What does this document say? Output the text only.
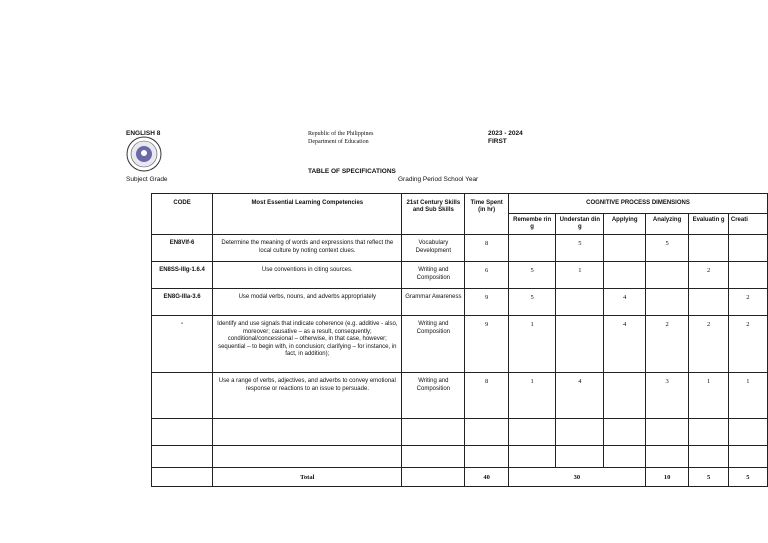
ENGLISH 8
Subject Grade
Republic of the Philippines
Department of Education
2023 - 2024
FIRST
TABLE OF SPECIFICATIONS
Grading Period School Year
CODE	Most Essential Learning Competencies	21st Century Skills and Sub Skills	Time Spent (in hr)	COGNITIVE PROCESS DIMENSIONS					
				Remembe rin g	Understan din g	Applying	Analyzing	Evaluatin g	Creati
EN8VIf-6	Determine the meaning of words and expressions that reflect the local culture by noting context clues.	Vocabulary Development	8		5		5		
EN8SS-IIIg-1.6.4	Use conventions in citing sources.	Writing and Composition	6	5	1			2	
EN8G-IIIa-3.6	Use modal verbs, nouns, and adverbs appropriately	Grammar Awareness	9	5		4			2
-	Identify and use signals that indicate coherence (e.g. additive - also, moreover; causative – as a result, consequently; conditional/concessional – otherwise, in that case, however; sequential – to begin with, in conclusion; clarifying – for instance, in fact, in addition);	Writing and Composition	9	1		4	2	2	2
	Use a range of verbs, adjectives, and adverbs to convey emotional response or reactions to an issue to persuade.	Writing and Composition	8	1	4		3	1	1

	Total		40	30			10	5	5
